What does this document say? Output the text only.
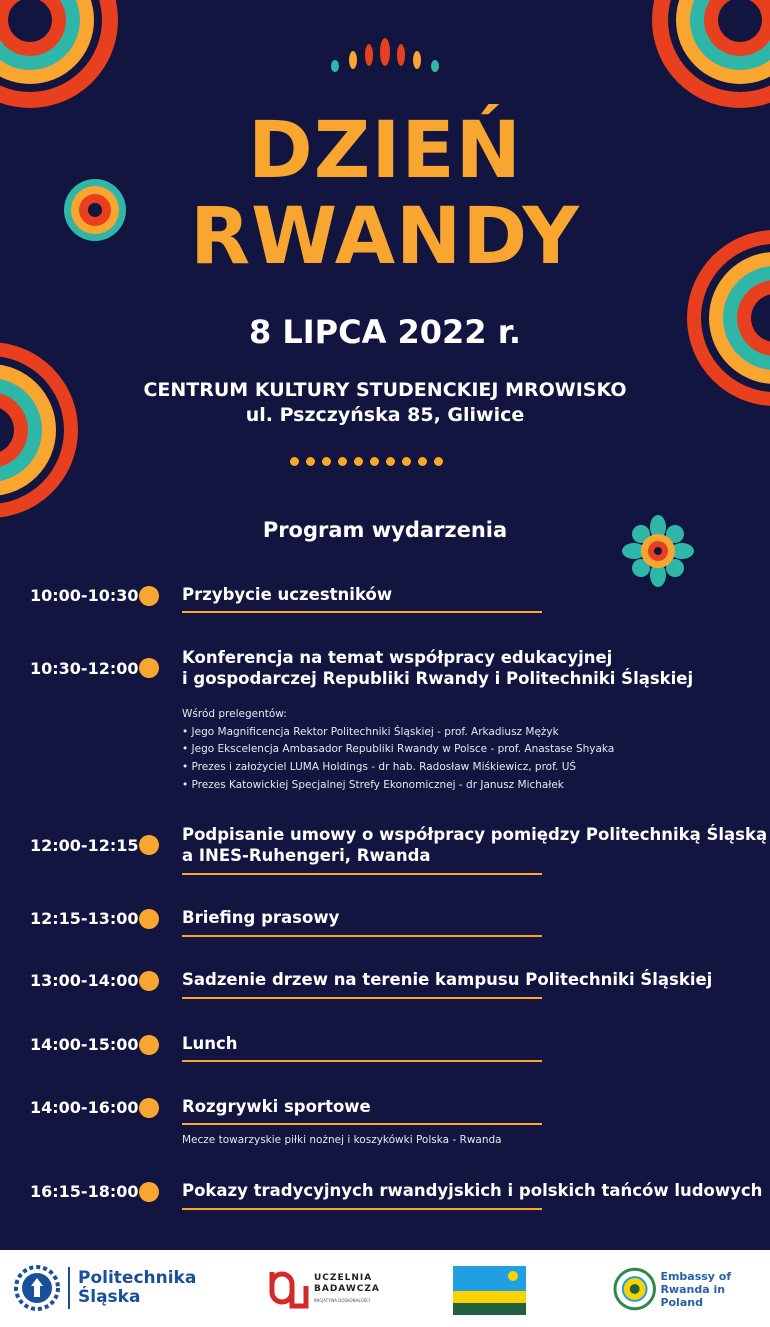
DZIEŃ
RWANDY
8 LIPCA 2022 r.
CENTRUM KULTURY STUDENCKIEJ MROWISKO
ul. Pszczyńska 85, Gliwice
Program wydarzenia
10:00-10:30	Przybycie uczestników
10:30-12:00
Konferencja na temat współpracy edukacyjnej
i gospodarczej Republiki Rwandy i Politechniki Śląskiej
Wśród prelegentów:
• Jego Magnificencja Rektor Politechniki Śląskiej - prof. Arkadiusz Mężyk
• Jego Ekscelencja Ambasador Republiki Rwandy w Polsce - prof. Anastase Shyaka
• Prezes i założyciel LUMA Holdings - dr hab. Radosław Miśkiewicz, prof. UŚ
• Prezes Katowickiej Specjalnej Strefy Ekonomicznej - dr Janusz Michałek
12:00-12:15
Podpisanie umowy o współpracy pomiędzy Politechniką Śląską
a INES-Ruhengeri, Rwanda
12:15-13:00	Briefing prasowy
13:00-14:00	Sadzenie drzew na terenie kampusu Politechniki Śląskiej
14:00-15:00	Lunch
14:00-16:00	Rozgrywki sportowe
Mecze towarzyskie piłki nożnej i koszykówki Polska - Rwanda
16:15-18:00	Pokazy tradycyjnych rwandyjskich i polskich tańców ludowych
Politechnika
Śląska
UCZELNIA
BADAWCZA
INICJATYWA DOSKONAŁOŚCI
Embassy of
Rwanda in Poland
